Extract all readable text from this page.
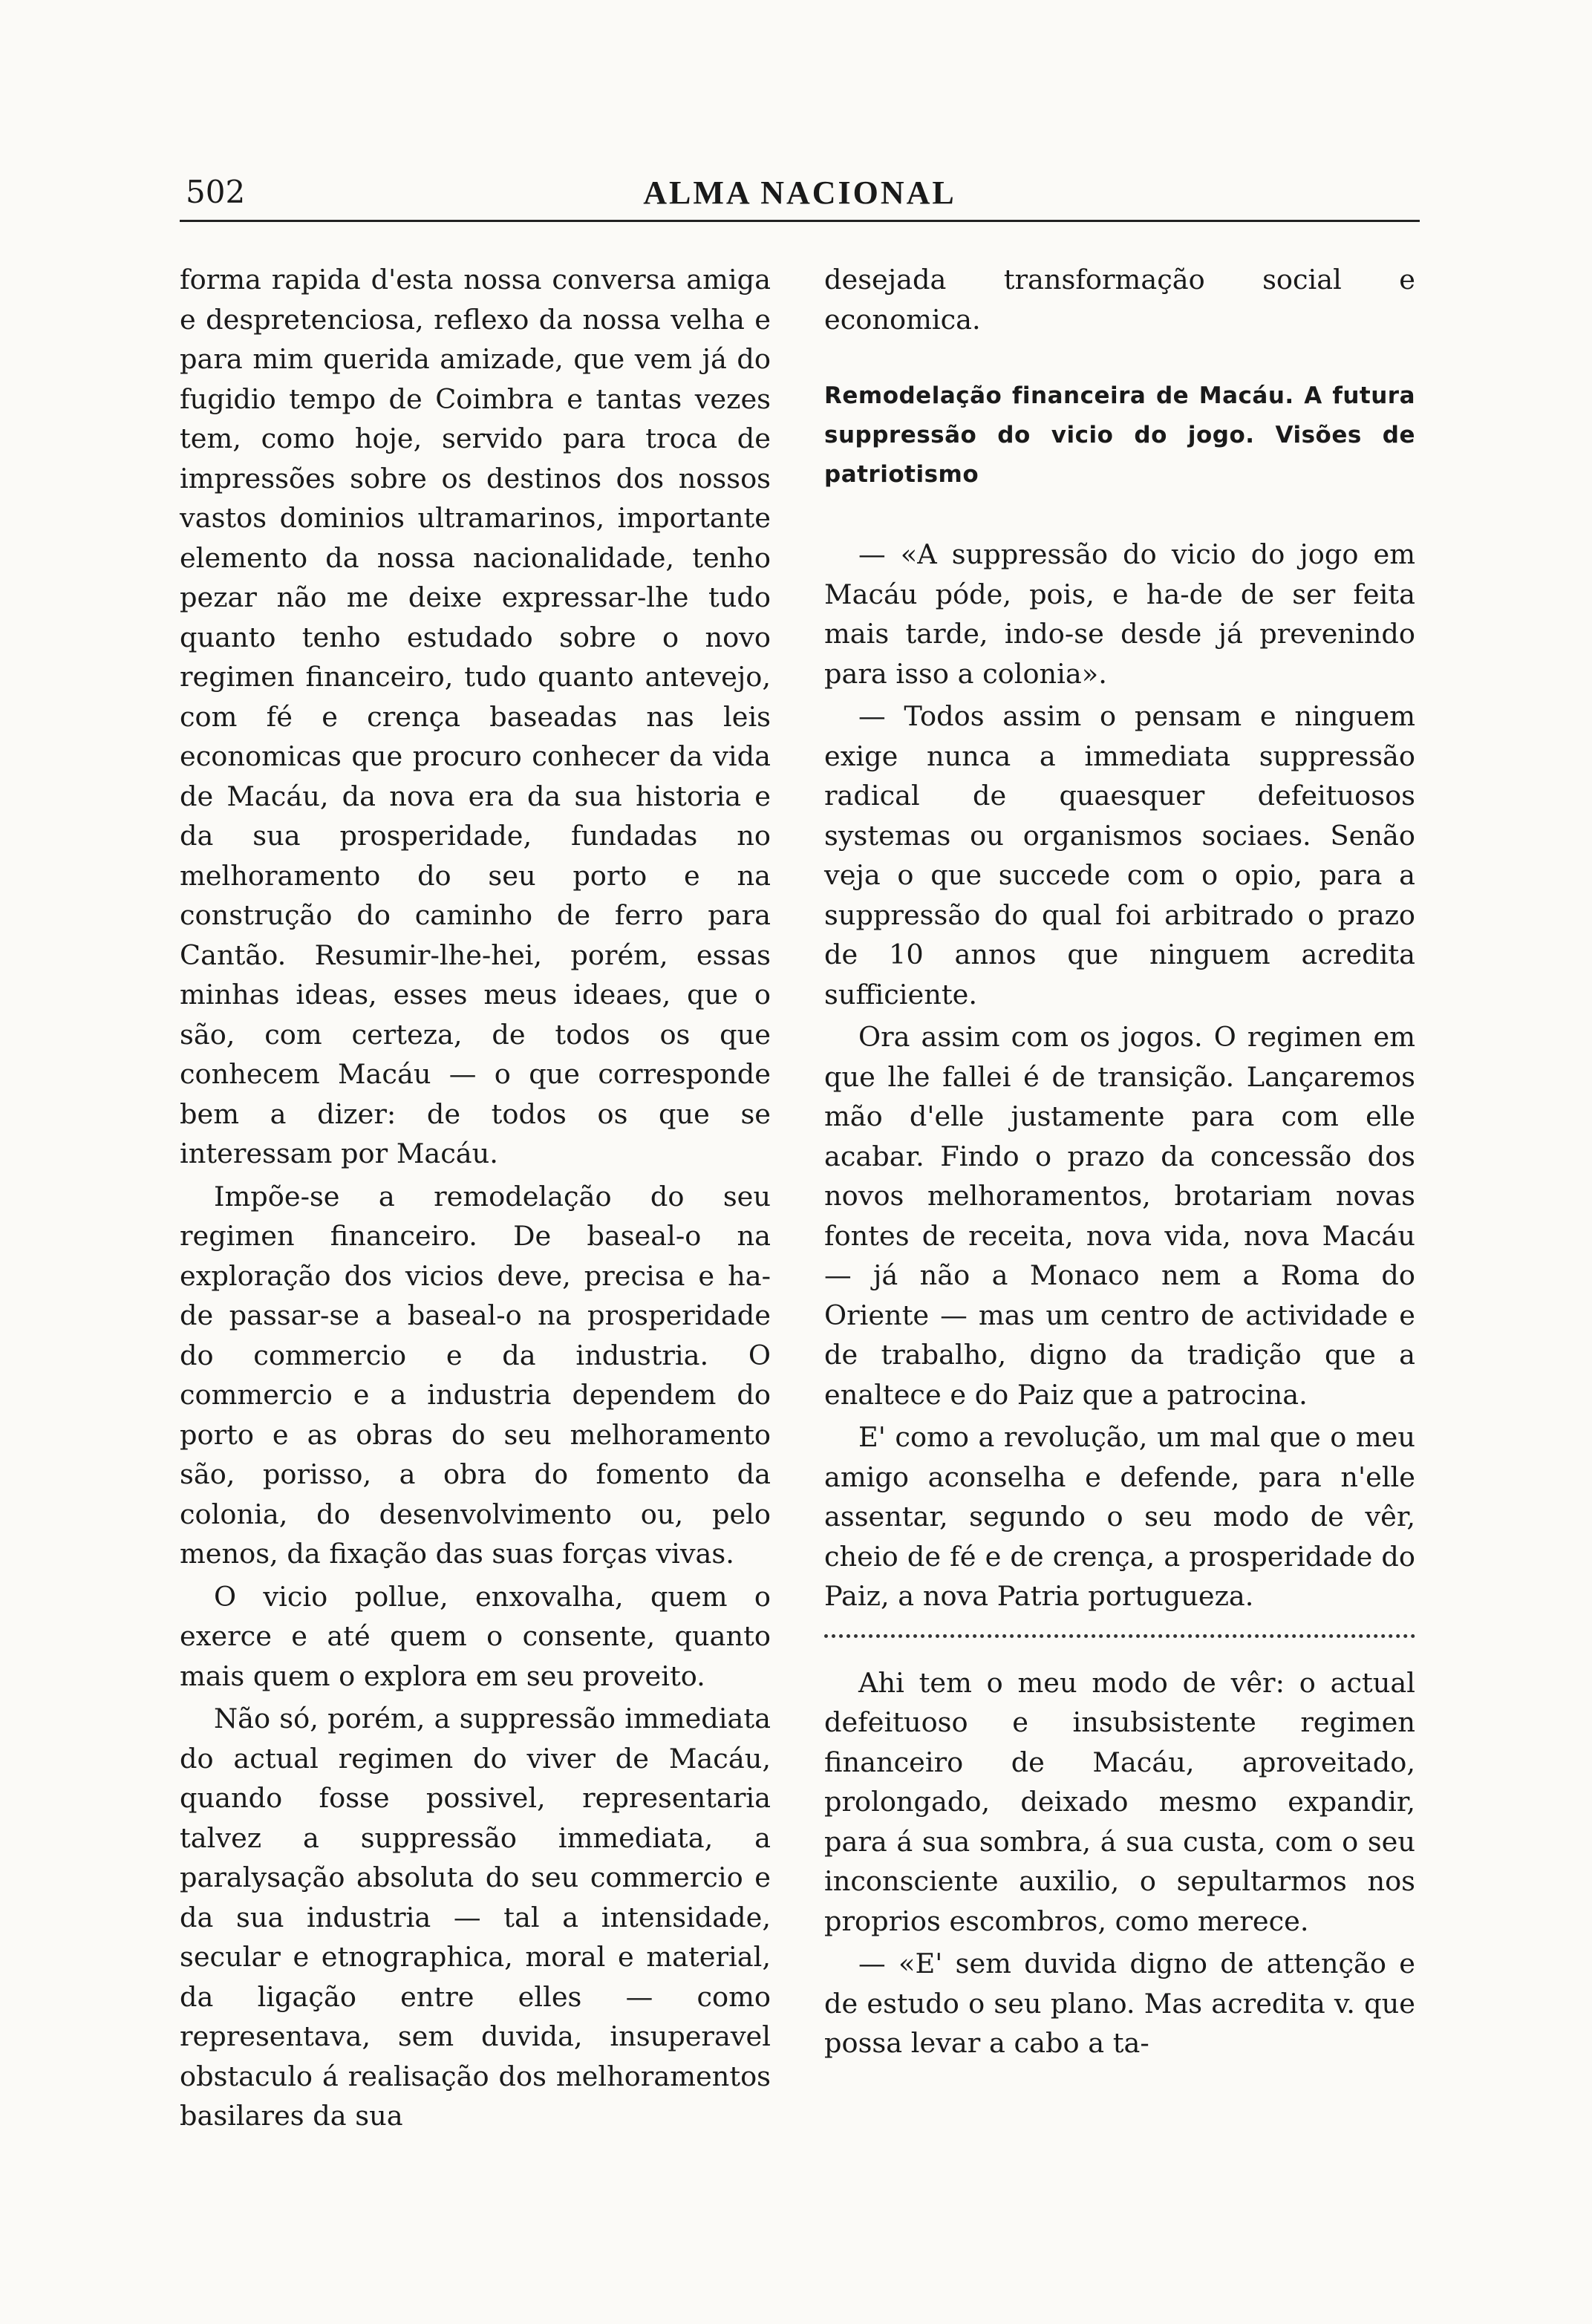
502	ALMA NACIONAL

forma rapida d'esta nossa conversa amiga e despretenciosa, reflexo da nossa velha e para mim querida amizade, que vem já do fugidio tempo de Coimbra e tantas vezes tem, como hoje, servido para troca de impressões sobre os destinos dos nossos vastos dominios ultramarinos, importante elemento da nossa nacionalidade, tenho pezar não me deixe expressar-lhe tudo quanto tenho estudado sobre o novo regimen financeiro, tudo quanto antevejo, com fé e crença baseadas nas leis economicas que procuro conhecer da vida de Macáu, da nova era da sua historia e da sua prosperidade, fundadas no melhoramento do seu porto e na construção do caminho de ferro para Cantão. Resumir-lhe-hei, porém, essas minhas ideas, esses meus ideaes, que o são, com certeza, de todos os que conhecem Macáu — o que corresponde bem a dizer: de todos os que se interessam por Macáu.

Impõe-se a remodelação do seu regimen financeiro. De baseal-o na exploração dos vicios deve, precisa e ha-de passar-se a baseal-o na prosperidade do commercio e da industria. O commercio e a industria dependem do porto e as obras do seu melhoramento são, porisso, a obra do fomento da colonia, do desenvolvimento ou, pelo menos, da fixação das suas forças vivas.

O vicio pollue, enxovalha, quem o exerce e até quem o consente, quanto mais quem o explora em seu proveito.

Não só, porém, a suppressão immediata do actual regimen do viver de Macáu, quando fosse possivel, representaria talvez a suppressão immediata, a paralysação absoluta do seu commercio e da sua industria — tal a intensidade, secular e etnographica, moral e material, da ligação entre elles — como representava, sem duvida, insuperavel obstaculo á realisação dos melhoramentos basilares da sua

desejada transformação social e economica.

Remodelação financeira de Macáu. A futura suppressão do vicio do jogo. Visões de patriotismo

— «A suppressão do vicio do jogo em Macáu póde, pois, e ha-de de ser feita mais tarde, indo-se desde já prevenindo para isso a colonia».

— Todos assim o pensam e ninguem exige nunca a immediata suppressão radical de quaesquer defeituosos systemas ou organismos sociaes. Senão veja o que succede com o opio, para a suppressão do qual foi arbitrado o prazo de 10 annos que ninguem acredita sufficiente.

Ora assim com os jogos. O regimen em que lhe fallei é de transição. Lançaremos mão d'elle justamente para com elle acabar. Findo o prazo da concessão dos novos melhoramentos, brotariam novas fontes de receita, nova vida, nova Macáu — já não a Monaco nem a Roma do Oriente — mas um centro de actividade e de trabalho, digno da tradição que a enaltece e do Paiz que a patrocina.

E' como a revolução, um mal que o meu amigo aconselha e defende, para n'elle assentar, segundo o seu modo de vêr, cheio de fé e de crença, a prosperidade do Paiz, a nova Patria portugueza.

Ahi tem o meu modo de vêr: o actual defeituoso e insubsistente regimen financeiro de Macáu, aproveitado, prolongado, deixado mesmo expandir, para á sua sombra, á sua custa, com o seu inconsciente auxilio, o sepultarmos nos proprios escombros, como merece.

— «E' sem duvida digno de attenção e de estudo o seu plano. Mas acredita v. que possa levar a cabo a ta-
